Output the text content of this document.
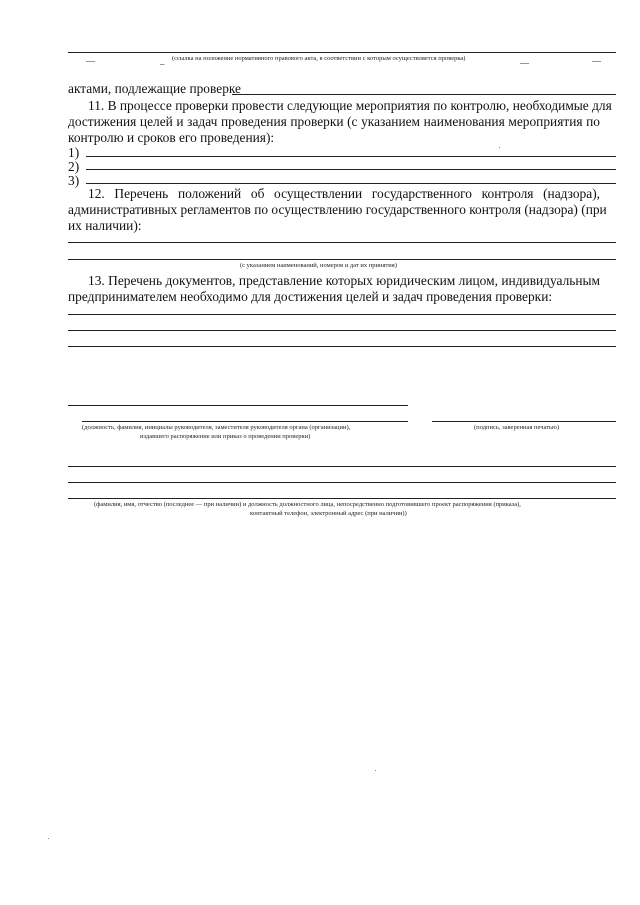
—	_ (ссылка на положение нормативного правового акта, в соответствии с которым осуществляется проверка)	__	—
актами, подлежащие проверке
11. В процессе проверки провести следующие мероприятия по контролю, необходимые для
достижения целей и задач проведения проверки (с указанием наименования мероприятия по
контролю и сроков его проведения):
1)
2)
3)
12. Перечень положений об осуществлении государственного контроля (надзора),
административных регламентов по осуществлению государственного контроля (надзора) (при
их наличии):
(с указанием наименований, номеров и дат их принятия)
13. Перечень документов, представление которых юридическим лицом, индивидуальным
предпринимателем необходимо для достижения целей и задач проведения проверки:
(должность, фамилия, инициалы руководителя, заместителя руководителя органа (организации),
издавшего распоряжение или приказ о проведении проверки)
(подпись, заверенная печатью)
(фамилия, имя, отчество (последнее — при наличии) и должность должностного лица, непосредственно подготовившего проект распоряжения (приказа),
контактный телефон, электронный адрес (при наличии))
